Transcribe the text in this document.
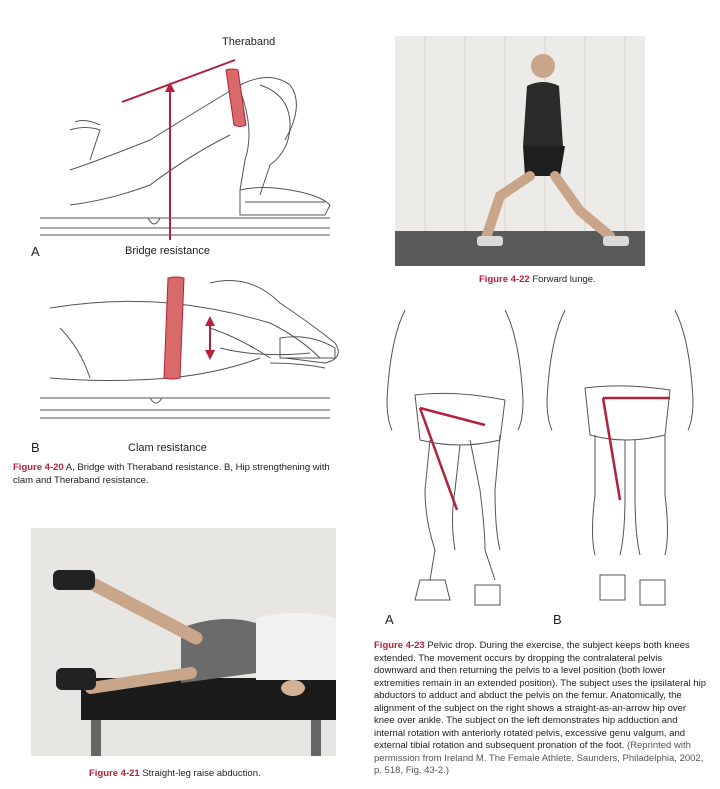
Theraband
A	Bridge resistance
B	Clam resistance
Figure 4-20 A, Bridge with Theraband resistance. B, Hip strengthening with clam and Theraband resistance.
Figure 4-22 Forward lunge.
A	B
Figure 4-23 Pelvic drop. During the exercise, the subject keeps both knees extended. The movement occurs by dropping the contralateral pelvis downward and then returning the pelvis to a level position (both lower extremities remain in an extended position). The subject uses the ipsilateral hip abductors to adduct and abduct the pelvis on the femur. Anatomically, the alignment of the subject on the right shows a straight-as-an-arrow hip over knee over ankle. The subject on the left demonstrates hip adduction and internal rotation with anteriorly rotated pelvis, excessive genu valgum, and external tibial rotation and subsequent pronation of the foot. (Reprinted with permission from Ireland M. The Female Athlete. Saunders, Philadelphia, 2002, p. 518, Fig. 43-2.)
Figure 4-21 Straight-leg raise abduction.
